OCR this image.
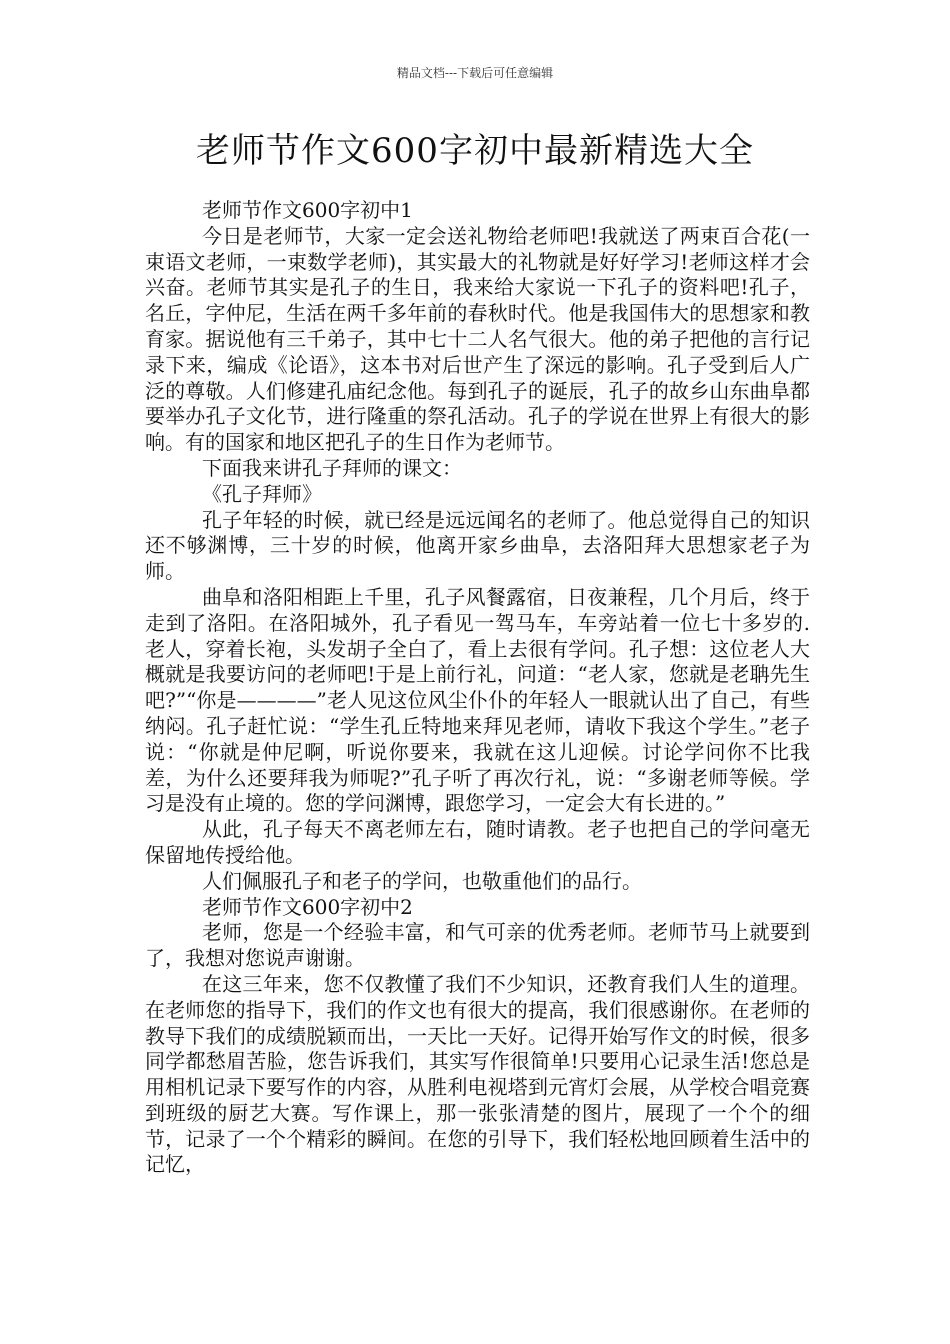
精品文档---下载后可任意编辑
老师节作文600字初中最新精选大全

老师节作文600字初中1

今日是老师节，大家一定会送礼物给老师吧!我就送了两束百合花(一束语文老师，一束数学老师)，其实最大的礼物就是好好学习!老师这样才会兴奋。老师节其实是孔子的生日，我来给大家说一下孔子的资料吧!孔子，名丘，字仲尼，生活在两千多年前的春秋时代。他是我国伟大的思想家和教育家。据说他有三千弟子，其中七十二人名气很大。他的弟子把他的言行记录下来，编成《论语》，这本书对后世产生了深远的影响。孔子受到后人广泛的尊敬。人们修建孔庙纪念他。每到孔子的诞辰，孔子的故乡山东曲阜都要举办孔子文化节，进行隆重的祭孔活动。孔子的学说在世界上有很大的影响。有的国家和地区把孔子的生日作为老师节。

下面我来讲孔子拜师的课文：

《孔子拜师》

孔子年轻的时候，就已经是远远闻名的老师了。他总觉得自己的知识还不够渊博，三十岁的时候，他离开家乡曲阜，去洛阳拜大思想家老子为师。

曲阜和洛阳相距上千里，孔子风餐露宿，日夜兼程，几个月后，终于走到了洛阳。在洛阳城外，孔子看见一驾马车，车旁站着一位七十多岁的.老人，穿着长袍，头发胡子全白了，看上去很有学问。孔子想：这位老人大概就是我要访问的老师吧!于是上前行礼，问道：“老人家，您就是老聃先生吧?”“你是————”老人见这位风尘仆仆的年轻人一眼就认出了自己，有些纳闷。孔子赶忙说：“学生孔丘特地来拜见老师，请收下我这个学生。”老子说：“你就是仲尼啊，听说你要来，我就在这儿迎候。讨论学问你不比我差，为什么还要拜我为师呢?”孔子听了再次行礼，说：“多谢老师等候。学习是没有止境的。您的学问渊博，跟您学习，一定会大有长进的。”

从此，孔子每天不离老师左右，随时请教。老子也把自己的学问毫无保留地传授给他。

人们佩服孔子和老子的学问，也敬重他们的品行。

老师节作文600字初中2

老师，您是一个经验丰富，和气可亲的优秀老师。老师节马上就要到了，我想对您说声谢谢。

在这三年来，您不仅教懂了我们不少知识，还教育我们人生的道理。在老师您的指导下，我们的作文也有很大的提高，我们很感谢你。在老师的教导下我们的成绩脱颖而出，一天比一天好。记得开始写作文的时候，很多同学都愁眉苦脸，您告诉我们，其实写作很简单!只要用心记录生活!您总是用相机记录下要写作的内容，从胜利电视塔到元宵灯会展，从学校合唱竞赛到班级的厨艺大赛。写作课上，那一张张清楚的图片，展现了一个个的细节，记录了一个个精彩的瞬间。在您的引导下，我们轻松地回顾着生活中的记忆，
